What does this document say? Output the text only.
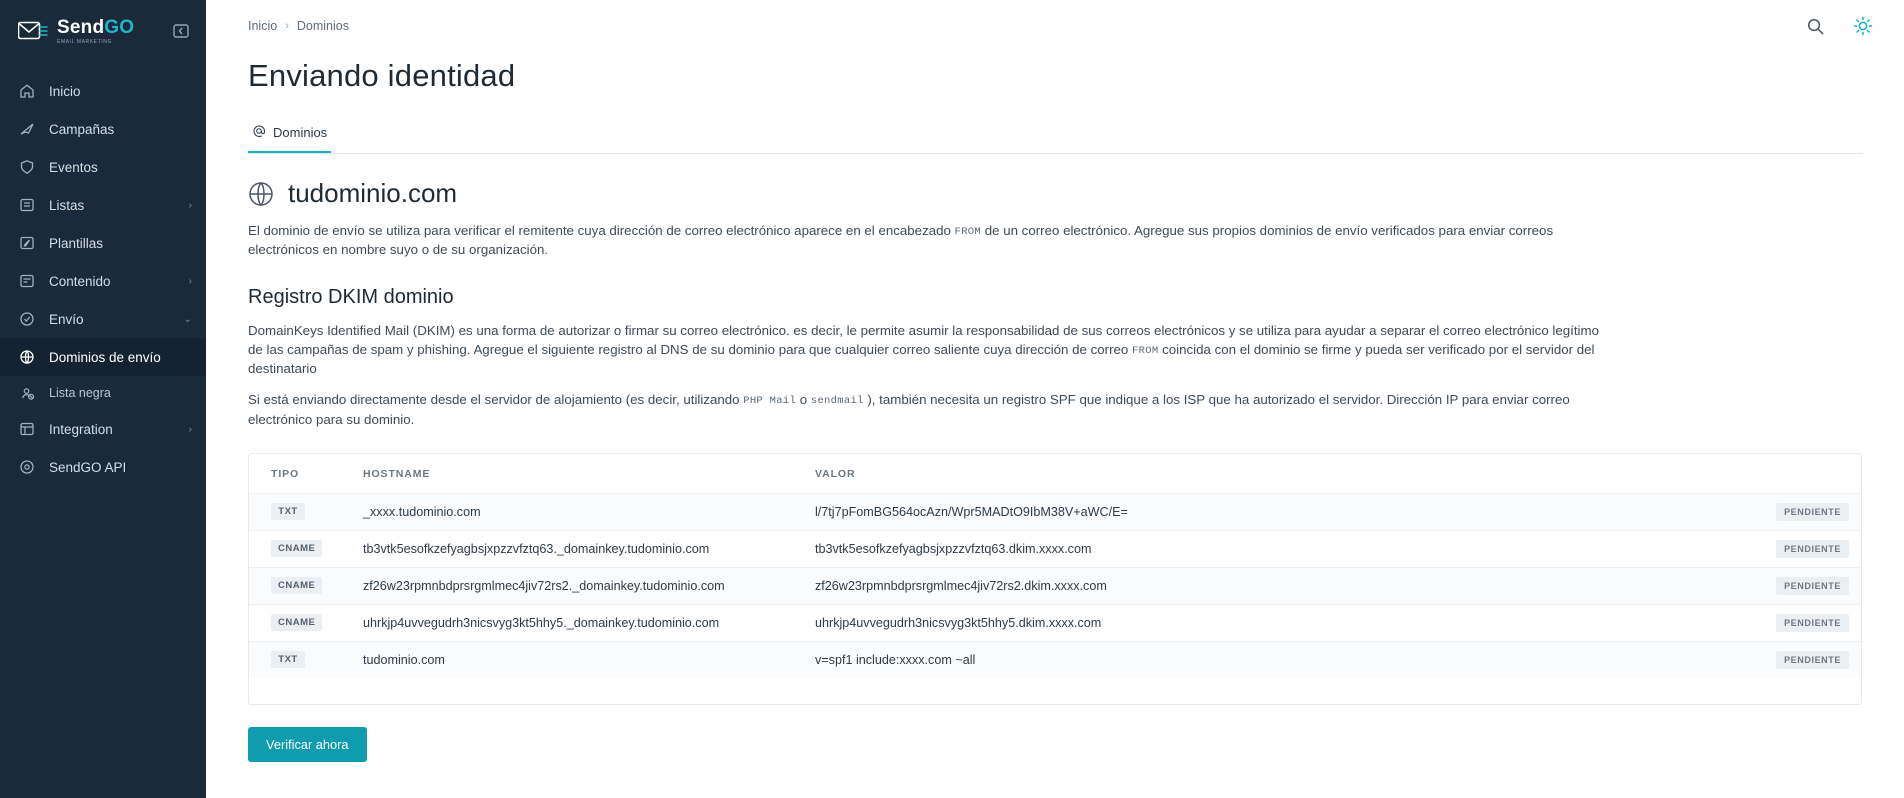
SendGO
EMAIL MARKETING
Inicio
Campañas
Eventos
Listas	›
Plantillas
Contenido	›
Envío	⌄
Dominios de envío
Lista negra
Integration	›
SendGO API
Inicio › Dominios
Enviando identidad
Dominios
tudominio.com

El dominio de envío se utiliza para verificar el remitente cuya dirección de correo electrónico aparece en el encabezado FROM de un correo electrónico. Agregue sus propios dominios de envío verificados para enviar correos electrónicos en nombre suyo o de su organización.

Registro DKIM dominio

DomainKeys Identified Mail (DKIM) es una forma de autorizar o firmar su correo electrónico. es decir, le permite asumir la responsabilidad de sus correos electrónicos y se utiliza para ayudar a separar el correo electrónico legítimo de las campañas de spam y phishing. Agregue el siguiente registro al DNS de su dominio para que cualquier correo saliente cuya dirección de correo FROM coincida con el dominio se firme y pueda ser verificado por el servidor del destinatario

Si está enviando directamente desde el servidor de alojamiento (es decir, utilizando PHP Mail o sendmail ), también necesita un registro SPF que indique a los ISP que ha autorizado el servidor. Dirección IP para enviar correo electrónico para su dominio.

TIPO	HOSTNAME	VALOR	
TXT	_xxxx.tudominio.com	l/7tj7pFomBG564ocAzn/Wpr5MADtO9IbM38V+aWC/E=	PENDIENTE
CNAME	tb3vtk5esofkzefyagbsjxpzzvfztq63._domainkey.tudominio.com	tb3vtk5esofkzefyagbsjxpzzvfztq63.dkim.xxxx.com	PENDIENTE
CNAME	zf26w23rpmnbdprsrgmlmec4jiv72rs2._domainkey.tudominio.com	zf26w23rpmnbdprsrgmlmec4jiv72rs2.dkim.xxxx.com	PENDIENTE
CNAME	uhrkjp4uvvegudrh3nicsvyg3kt5hhy5._domainkey.tudominio.com	uhrkjp4uvvegudrh3nicsvyg3kt5hhy5.dkim.xxxx.com	PENDIENTE
TXT	tudominio.com	v=spf1 include:xxxx.com ~all	PENDIENTE
Verificar ahora
